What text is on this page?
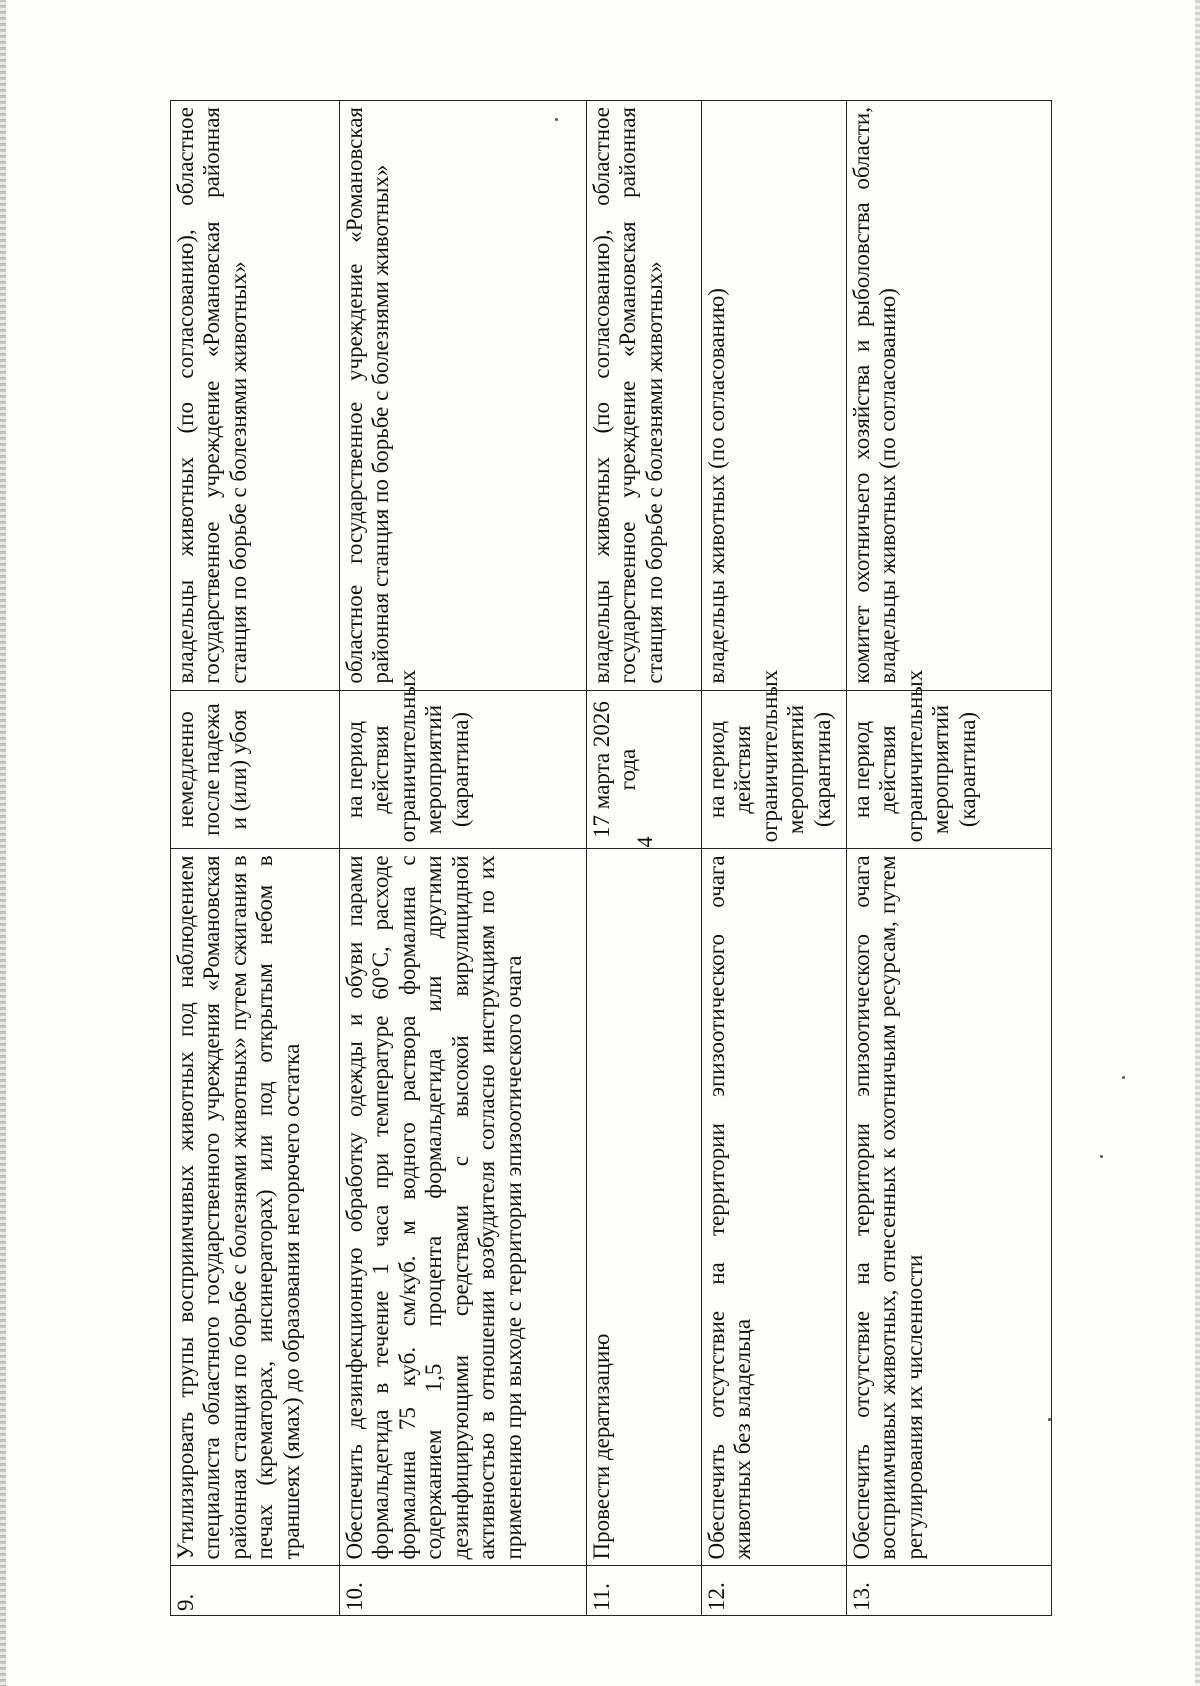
4
9.	Утилизировать трупы восприимчивых животных под наблюдением специалиста областного государственного учреждения «Романовская районная станция по борьбе с болезнями животных» путем сжигания в печах (крематорах, инсинераторах) или под открытым небом в траншеях (ямах) до образования негорючего остатка	немедленно после падежа и (или) убоя	владельцы животных (по согласованию), областное государственное учреждение «Романовская районная станция по борьбе с болезнями животных»
10.	Обеспечить дезинфекционную обработку одежды и обуви парами формальдегида в течение 1 часа при температуре 60°С, расходе формалина 75 куб. см/куб. м водного раствора формалина с содержанием 1,5 процента формальдегида или другими дезинфицирующими средствами с высокой вирулицидной активностью в отношении возбудителя согласно инструкциям по их применению при выходе с территории эпизоотического очага	на период действия ограничительных мероприятий (карантина)	областное государственное учреждение «Романовская районная станция по борьбе с болезнями животных»
11.	Провести дератизацию	17 марта 2026 года	владельцы животных (по согласованию), областное государственное учреждение «Романовская районная станция по борьбе с болезнями животных»
12.	Обеспечить отсутствие на территории эпизоотического очага животных без владельца	на период действия ограничительных мероприятий (карантина)	владельцы животных (по согласованию)
13.	Обеспечить отсутствие на территории эпизоотического очага восприимчивых животных, отнесенных к охотничьим ресурсам, путем регулирования их численности	на период действия ограничительных мероприятий (карантина)	комитет охотничьего хозяйства и рыболовства области, владельцы животных (по согласованию)
